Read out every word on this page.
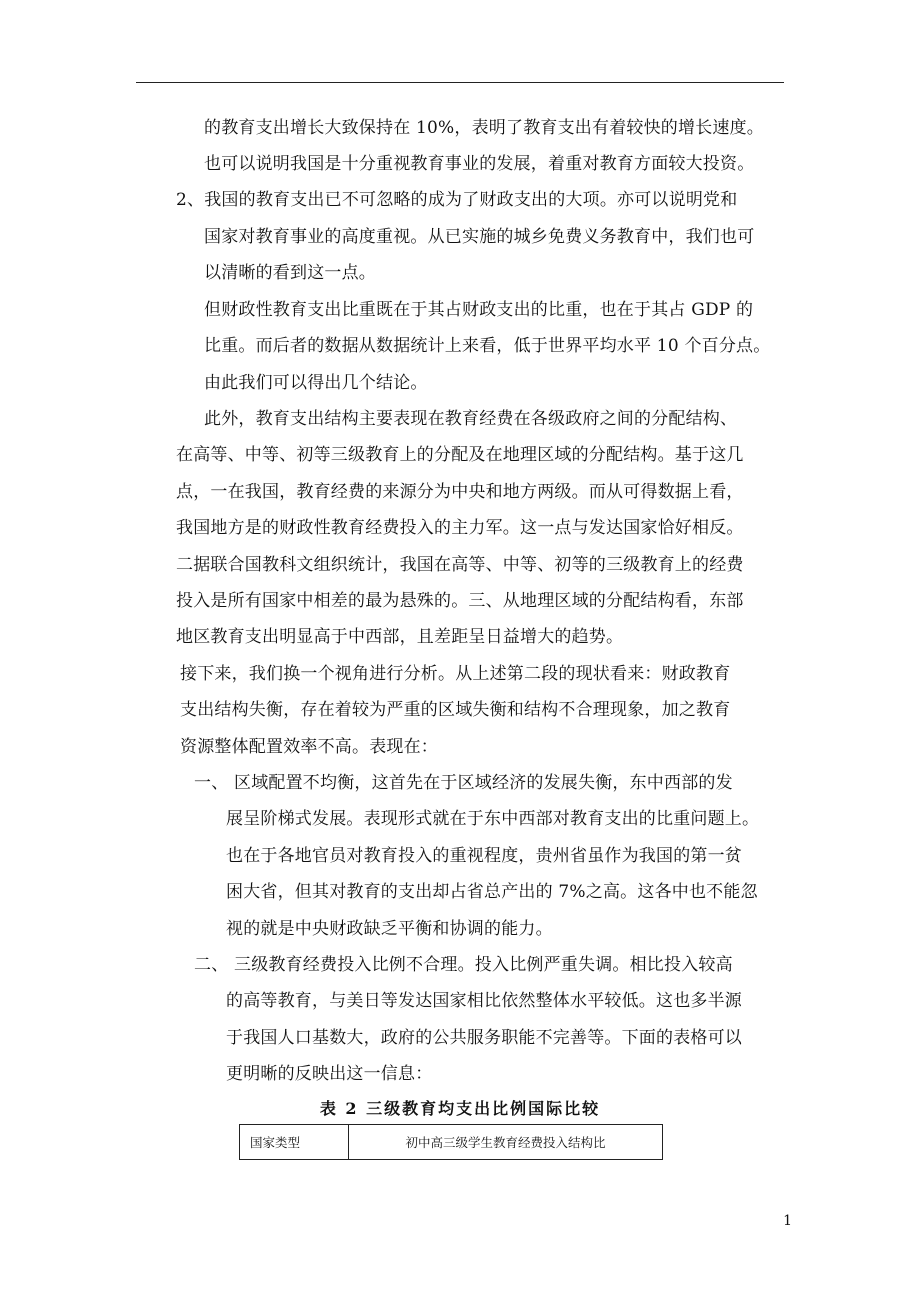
的教育支出增长大致保持在 10%，表明了教育支出有着较快的增长速度。
也可以说明我国是十分重视教育事业的发展，着重对教育方面较大投资。
2、我国的教育支出已不可忽略的成为了财政支出的大项。亦可以说明党和
国家对教育事业的高度重视。从已实施的城乡免费义务教育中，我们也可
以清晰的看到这一点。
但财政性教育支出比重既在于其占财政支出的比重，也在于其占 GDP 的
比重。而后者的数据从数据统计上来看，低于世界平均水平 10 个百分点。
由此我们可以得出几个结论。
此外，教育支出结构主要表现在教育经费在各级政府之间的分配结构、
在高等、中等、初等三级教育上的分配及在地理区域的分配结构。基于这几
点，一在我国，教育经费的来源分为中央和地方两级。而从可得数据上看，
我国地方是的财政性教育经费投入的主力军。这一点与发达国家恰好相反。
二据联合国教科文组织统计，我国在高等、中等、初等的三级教育上的经费
投入是所有国家中相差的最为悬殊的。三、从地理区域的分配结构看，东部
地区教育支出明显高于中西部，且差距呈日益增大的趋势。
接下来，我们换一个视角进行分析。从上述第二段的现状看来：财政教育
支出结构失衡，存在着较为严重的区域失衡和结构不合理现象，加之教育
资源整体配置效率不高。表现在：
一、 区域配置不均衡，这首先在于区域经济的发展失衡，东中西部的发
展呈阶梯式发展。表现形式就在于东中西部对教育支出的比重问题上。
也在于各地官员对教育投入的重视程度，贵州省虽作为我国的第一贫
困大省，但其对教育的支出却占省总产出的 7%之高。这各中也不能忽
视的就是中央财政缺乏平衡和协调的能力。
二、 三级教育经费投入比例不合理。投入比例严重失调。相比投入较高
的高等教育，与美日等发达国家相比依然整体水平较低。这也多半源
于我国人口基数大，政府的公共服务职能不完善等。下面的表格可以
更明晰的反映出这一信息：
表 2 三级教育均支出比例国际比较
国家类型	初中高三级学生教育经费投入结构比
1
